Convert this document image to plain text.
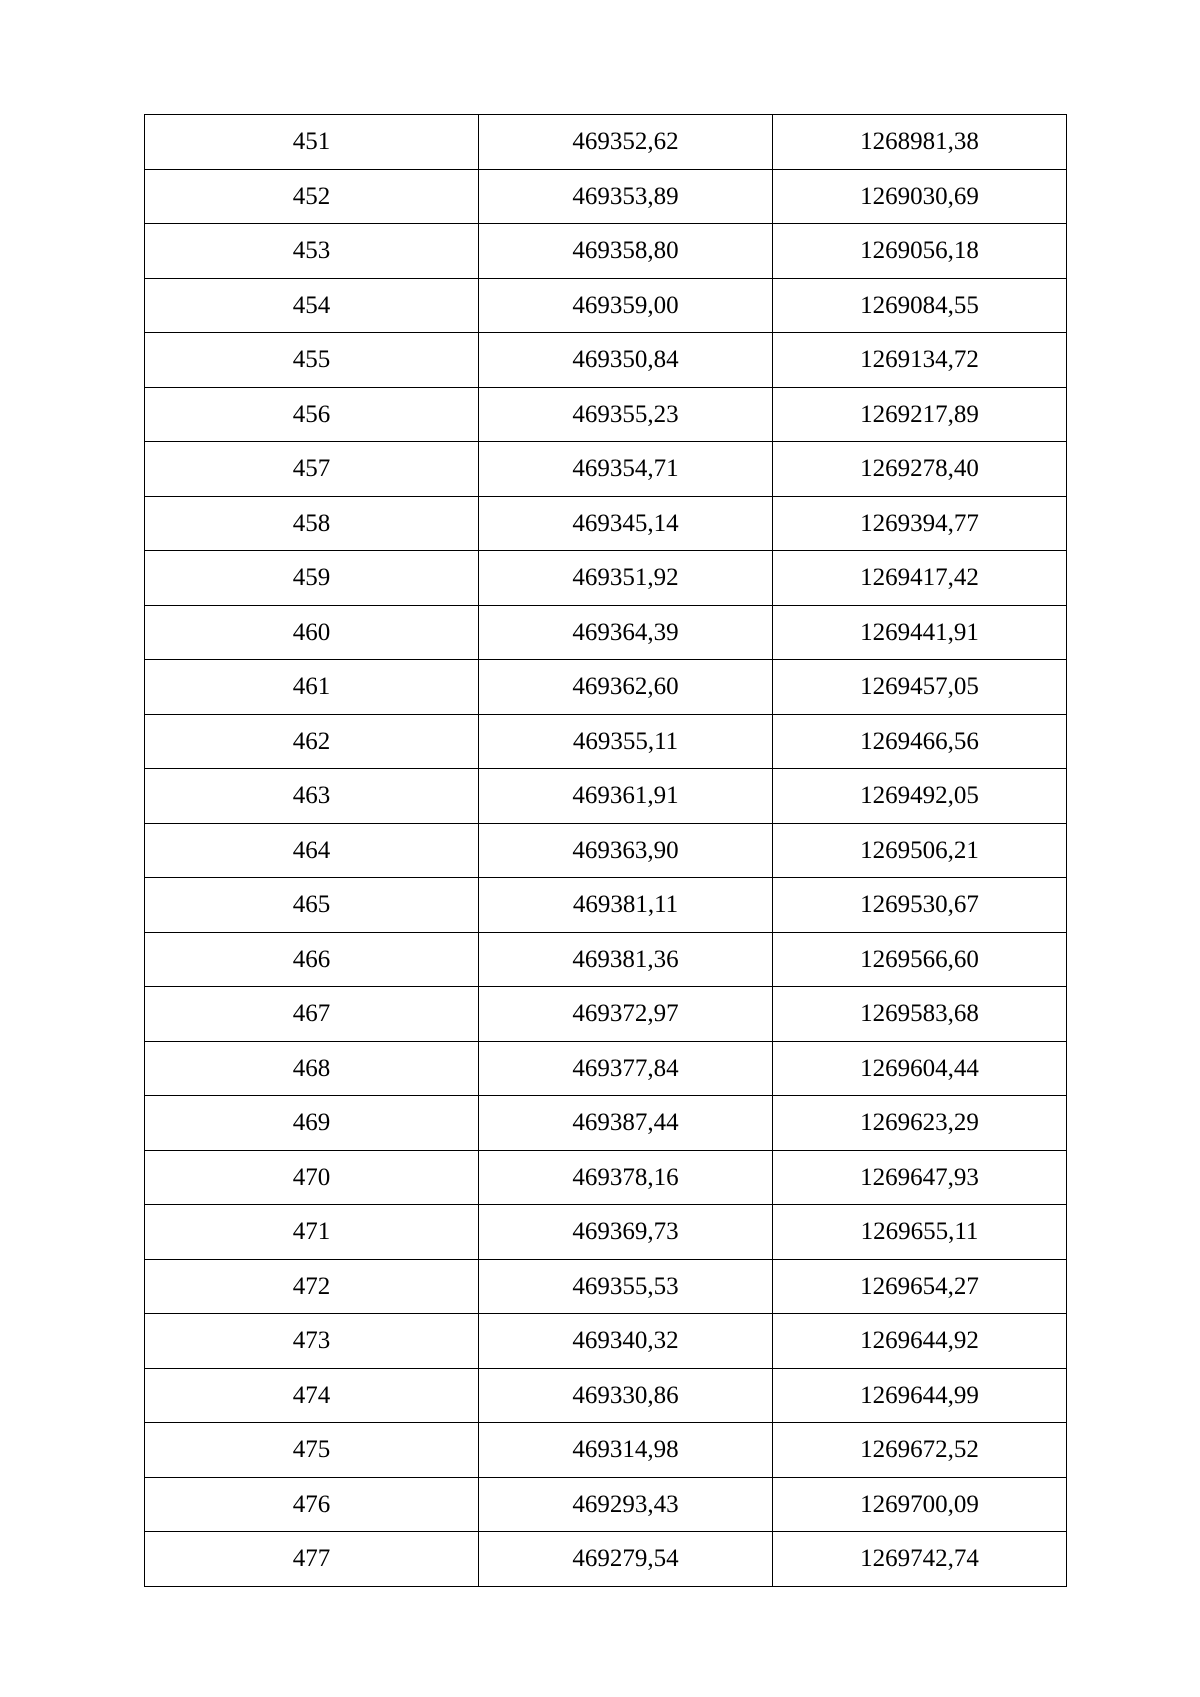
451	469352,62	1268981,38
452	469353,89	1269030,69
453	469358,80	1269056,18
454	469359,00	1269084,55
455	469350,84	1269134,72
456	469355,23	1269217,89
457	469354,71	1269278,40
458	469345,14	1269394,77
459	469351,92	1269417,42
460	469364,39	1269441,91
461	469362,60	1269457,05
462	469355,11	1269466,56
463	469361,91	1269492,05
464	469363,90	1269506,21
465	469381,11	1269530,67
466	469381,36	1269566,60
467	469372,97	1269583,68
468	469377,84	1269604,44
469	469387,44	1269623,29
470	469378,16	1269647,93
471	469369,73	1269655,11
472	469355,53	1269654,27
473	469340,32	1269644,92
474	469330,86	1269644,99
475	469314,98	1269672,52
476	469293,43	1269700,09
477	469279,54	1269742,74
